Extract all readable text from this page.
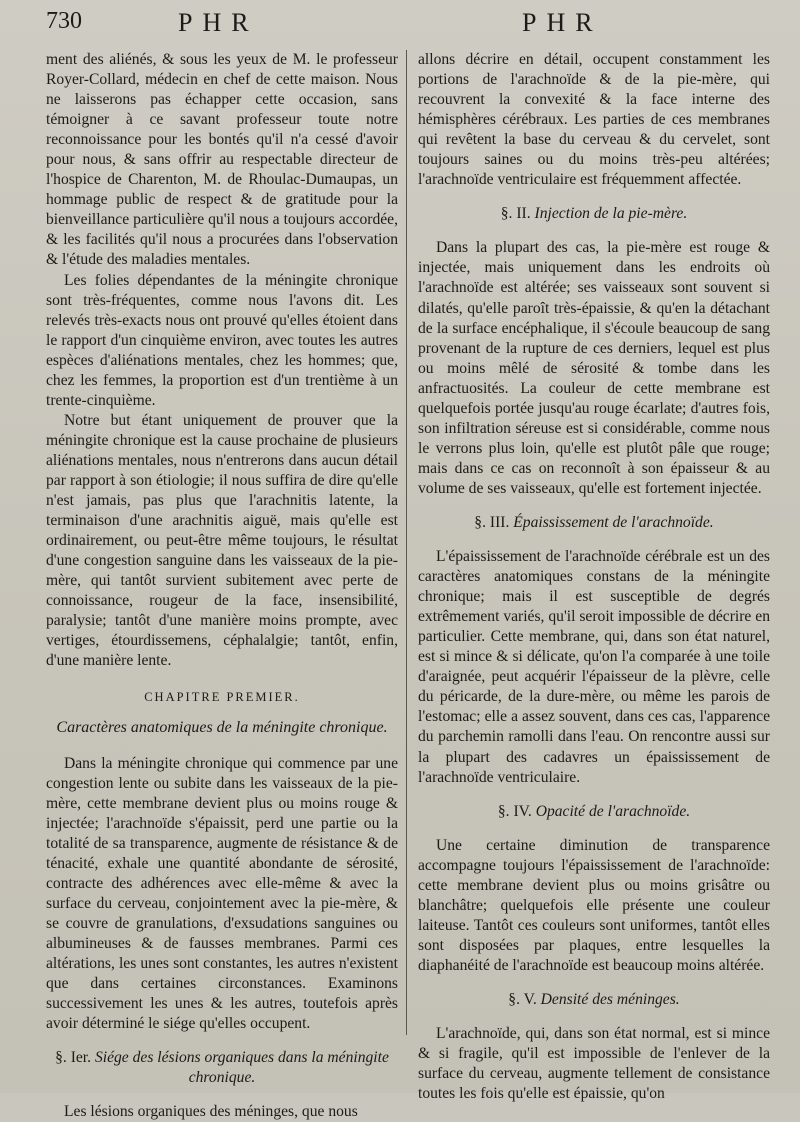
730	PHR	PHR

ment des aliénés, & sous les yeux de M. le professeur Royer-Collard, médecin en chef de cette maison. Nous ne laisserons pas échapper cette occasion, sans témoigner à ce savant professeur toute notre reconnoissance pour les bontés qu'il n'a cessé d'avoir pour nous, & sans offrir au respectable directeur de l'hospice de Charenton, M. de Rhoulac-Dumaupas, un hommage public de respect & de gratitude pour la bienveillance particulière qu'il nous a toujours accordée, & les facilités qu'il nous a procurées dans l'observation & l'étude des maladies mentales.

Les folies dépendantes de la méningite chronique sont très-fréquentes, comme nous l'avons dit. Les relevés très-exacts nous ont prouvé qu'elles étoient dans le rapport d'un cinquième environ, avec toutes les autres espèces d'aliénations mentales, chez les hommes; que, chez les femmes, la proportion est d'un trentième à un trente-cinquième.

Notre but étant uniquement de prouver que la méningite chronique est la cause prochaine de plusieurs aliénations mentales, nous n'entrerons dans aucun détail par rapport à son étiologie; il nous suffira de dire qu'elle n'est jamais, pas plus que l'arachnitis latente, la terminaison d'une arachnitis aiguë, mais qu'elle est ordinairement, ou peut-être même toujours, le résultat d'une congestion sanguine dans les vaisseaux de la pie-mère, qui tantôt survient subitement avec perte de connoissance, rougeur de la face, insensibilité, paralysie; tantôt d'une manière moins prompte, avec vertiges, étourdissemens, céphalalgie; tantôt, enfin, d'une manière lente.

CHAPITRE PREMIER.
Caractères anatomiques de la méningite chronique.

Dans la méningite chronique qui commence par une congestion lente ou subite dans les vaisseaux de la pie-mère, cette membrane devient plus ou moins rouge & injectée; l'arachnoïde s'épaissit, perd une partie ou la totalité de sa transparence, augmente de résistance & de ténacité, exhale une quantité abondante de sérosité, contracte des adhérences avec elle-même & avec la surface du cerveau, conjointement avec la pie-mère, & se couvre de granulations, d'exsudations sanguines ou albumineuses & de fausses membranes. Parmi ces altérations, les unes sont constantes, les autres n'existent que dans certaines circonstances. Examinons successivement les unes & les autres, toutefois après avoir déterminé le siége qu'elles occupent.

§. Ier. Siége des lésions organiques dans la méningite chronique.

Les lésions organiques des méninges, que nous

allons décrire en détail, occupent constamment les portions de l'arachnoïde & de la pie-mère, qui recouvrent la convexité & la face interne des hémisphères cérébraux. Les parties de ces membranes qui revêtent la base du cerveau & du cervelet, sont toujours saines ou du moins très-peu altérées; l'arachnoïde ventriculaire est fréquemment affectée.

§. II. Injection de la pie-mère.

Dans la plupart des cas, la pie-mère est rouge & injectée, mais uniquement dans les endroits où l'arachnoïde est altérée; ses vaisseaux sont souvent si dilatés, qu'elle paroît très-épaissie, & qu'en la détachant de la surface encéphalique, il s'écoule beaucoup de sang provenant de la rupture de ces derniers, lequel est plus ou moins mêlé de sérosité & tombe dans les anfractuosités. La couleur de cette membrane est quelquefois portée jusqu'au rouge écarlate; d'autres fois, son infiltration séreuse est si considérable, comme nous le verrons plus loin, qu'elle est plutôt pâle que rouge; mais dans ce cas on reconnoît à son épaisseur & au volume de ses vaisseaux, qu'elle est fortement injectée.

§. III. Épaississement de l'arachnoïde.

L'épaississement de l'arachnoïde cérébrale est un des caractères anatomiques constans de la méningite chronique; mais il est susceptible de degrés extrêmement variés, qu'il seroit impossible de décrire en particulier. Cette membrane, qui, dans son état naturel, est si mince & si délicate, qu'on l'a comparée à une toile d'araignée, peut acquérir l'épaisseur de la plèvre, celle du péricarde, de la dure-mère, ou même les parois de l'estomac; elle a assez souvent, dans ces cas, l'apparence du parchemin ramolli dans l'eau. On rencontre aussi sur la plupart des cadavres un épaississement de l'arachnoïde ventriculaire.

§. IV. Opacité de l'arachnoïde.

Une certaine diminution de transparence accompagne toujours l'épaississement de l'arachnoïde: cette membrane devient plus ou moins grisâtre ou blanchâtre; quelquefois elle présente une couleur laiteuse. Tantôt ces couleurs sont uniformes, tantôt elles sont disposées par plaques, entre lesquelles la diaphanéité de l'arachnoïde est beaucoup moins altérée.

§. V. Densité des méninges.

L'arachnoïde, qui, dans son état normal, est si mince & si fragile, qu'il est impossible de l'enlever de la surface du cerveau, augmente tellement de consistance toutes les fois qu'elle est épaissie, qu'on
